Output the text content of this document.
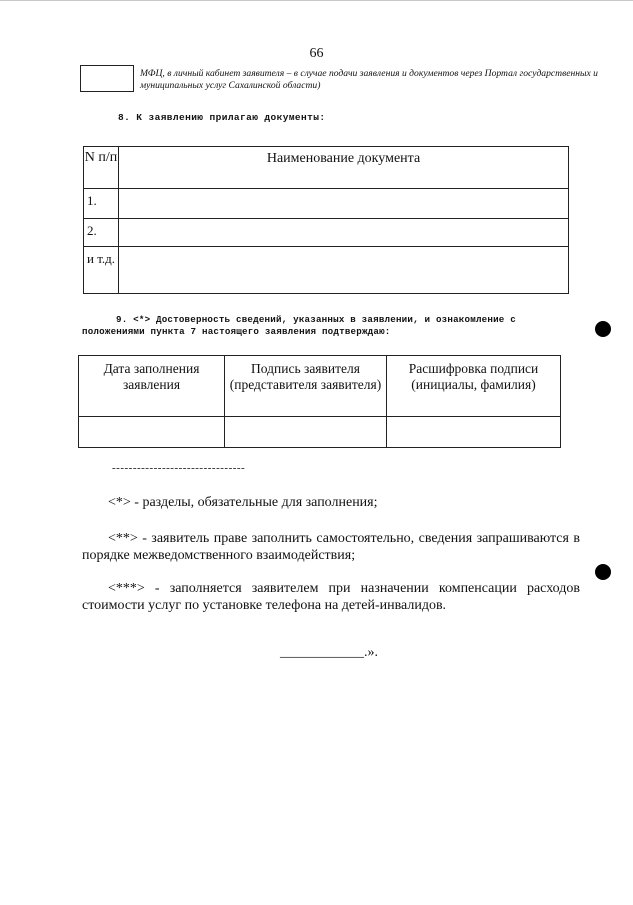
66
МФЦ, в личный кабинет заявителя – в случае подачи заявления и документов через Портал государственных и муниципальных услуг Сахалинской области)
8. К заявлению прилагаю документы:
N п/п	Наименование документа
1.	
2.	
и т.д.	
9. <*> Достоверность сведений, указанных в заявлении, и ознакомление с положениями пункта 7 настоящего заявления подтверждаю:
Дата заполнения заявления	Подпись заявителя (представителя заявителя)	Расшифровка подписи (инициалы, фамилия)

--------------------------------
<*> - разделы, обязательные для заполнения;
<**> - заявитель праве заполнить самостоятельно, сведения запрашиваются в порядке межведомственного взаимодействия;
<***> - заполняется заявителем при назначении компенсации расходов стоимости услуг по установке телефона на детей-инвалидов.
____________.».
